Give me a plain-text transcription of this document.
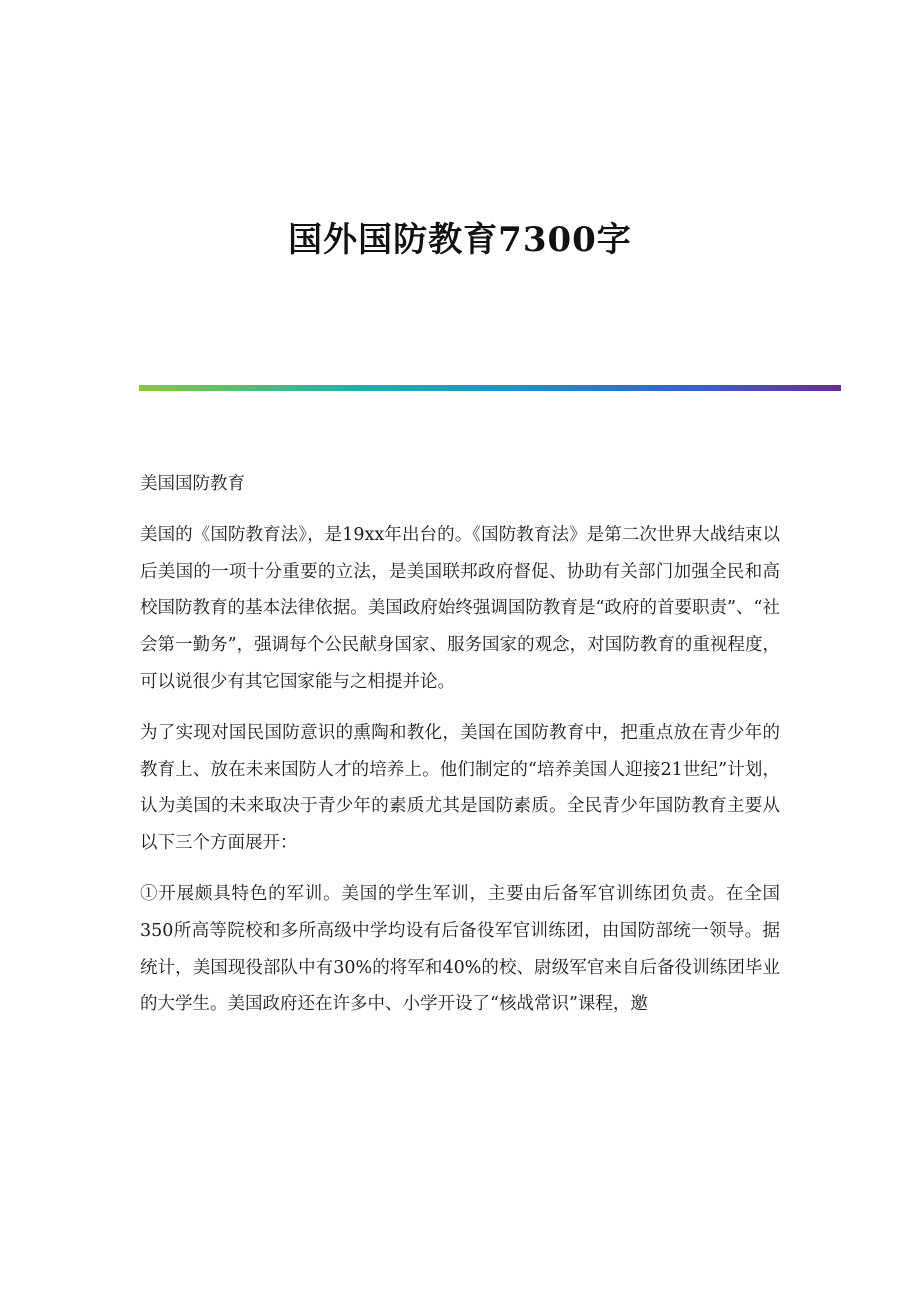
国外国防教育7300字
美国国防教育

美国的《国防教育法》，是19xx年出台的。《国防教育法》是第二次世界大战结束以后美国的一项十分重要的立法，是美国联邦政府督促、协助有关部门加强全民和高校国防教育的基本法律依据。美国政府始终强调国防教育是“政府的首要职责”、“社会第一勤务”，强调每个公民献身国家、服务国家的观念，对国防教育的重视程度，可以说很少有其它国家能与之相提并论。

为了实现对国民国防意识的熏陶和教化，美国在国防教育中，把重点放在青少年的教育上、放在未来国防人才的培养上。他们制定的“培养美国人迎接21世纪”计划，认为美国的未来取决于青少年的素质尤其是国防素质。全民青少年国防教育主要从以下三个方面展开：

①开展颇具特色的军训。美国的学生军训，主要由后备军官训练团负责。在全国350所高等院校和多所高级中学均设有后备役军官训练团，由国防部统一领导。据统计，美国现役部队中有30%的将军和40%的校、尉级军官来自后备役训练团毕业的大学生。美国政府还在许多中、小学开设了“核战常识”课程，邀
